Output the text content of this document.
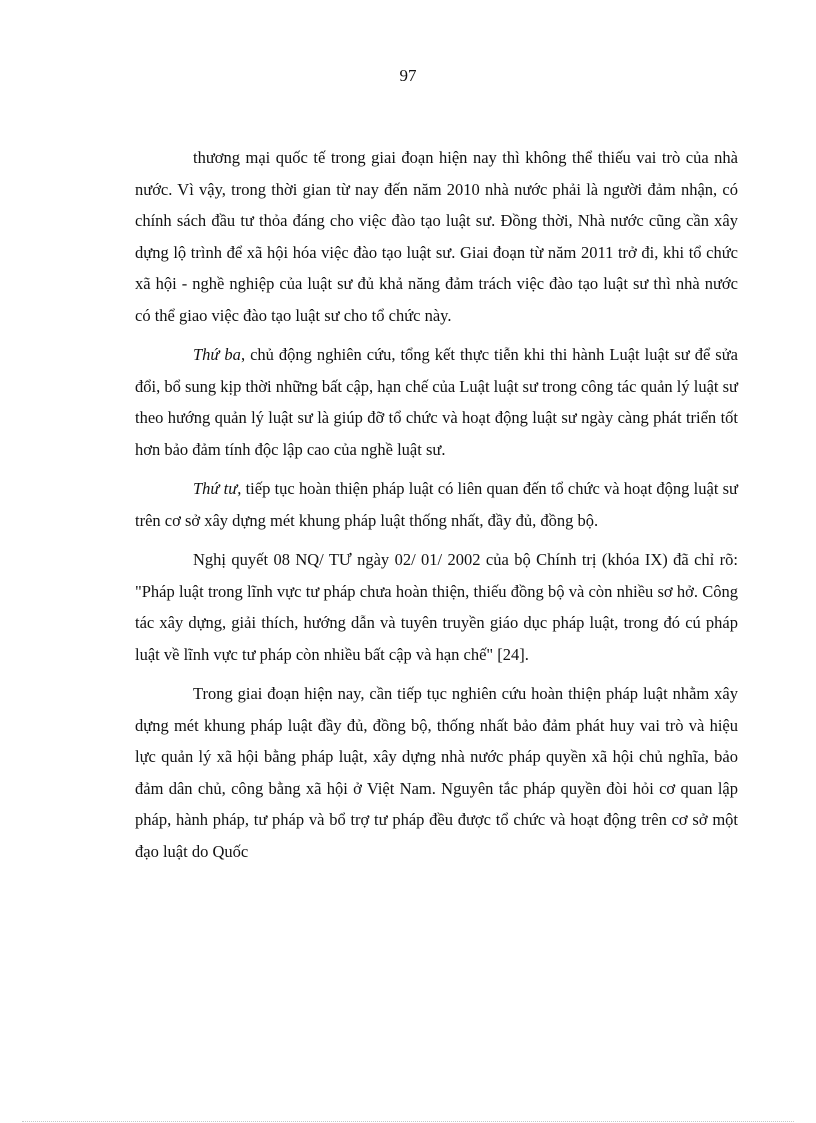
97

thương mại quốc tế trong giai đoạn hiện nay thì không thể thiếu vai trò của nhà nước. Vì vậy, trong thời gian từ nay đến năm 2010 nhà nước phải là người đảm nhận, có chính sách đầu tư thỏa đáng cho việc đào tạo luật sư. Đồng thời, Nhà nước cũng cần xây dựng lộ trình để xã hội hóa việc đào tạo luật sư. Giai đoạn từ năm 2011 trở đi, khi tổ chức xã hội - nghề nghiệp của luật sư đủ khả năng đảm trách việc đào tạo luật sư thì nhà nước có thể giao việc đào tạo luật sư cho tổ chức này.

Thứ ba, chủ động nghiên cứu, tổng kết thực tiễn khi thi hành Luật luật sư để sửa đổi, bổ sung kịp thời những bất cập, hạn chế của Luật luật sư trong công tác quản lý luật sư theo hướng quản lý luật sư là giúp đỡ tổ chức và hoạt động luật sư ngày càng phát triển tốt hơn bảo đảm tính độc lập cao của nghề luật sư.

Thứ tư, tiếp tục hoàn thiện pháp luật có liên quan đến tổ chức và hoạt động luật sư trên cơ sở xây dựng mét khung pháp luật thống nhất, đầy đủ, đồng bộ.

Nghị quyết 08 NQ/ TƯ ngày 02/ 01/ 2002 của bộ Chính trị (khóa IX) đã chỉ rõ: "Pháp luật trong lĩnh vực tư pháp chưa hoàn thiện, thiếu đồng bộ và còn nhiều sơ hở. Công tác xây dựng, giải thích, hướng dẫn và tuyên truyền giáo dục pháp luật, trong đó cú pháp luật về lĩnh vực tư pháp còn nhiều bất cập và hạn chế" [24].

Trong giai đoạn hiện nay, cần tiếp tục nghiên cứu hoàn thiện pháp luật nhằm xây dựng mét khung pháp luật đầy đủ, đồng bộ, thống nhất bảo đảm phát huy vai trò và hiệu lực quản lý xã hội bằng pháp luật, xây dựng nhà nước pháp quyền xã hội chủ nghĩa, bảo đảm dân chủ, công bằng xã hội ở Việt Nam. Nguyên tắc pháp quyền đòi hỏi cơ quan lập pháp, hành pháp, tư pháp và bổ trợ tư pháp đều được tổ chức và hoạt động trên cơ sở một đạo luật do Quốc
